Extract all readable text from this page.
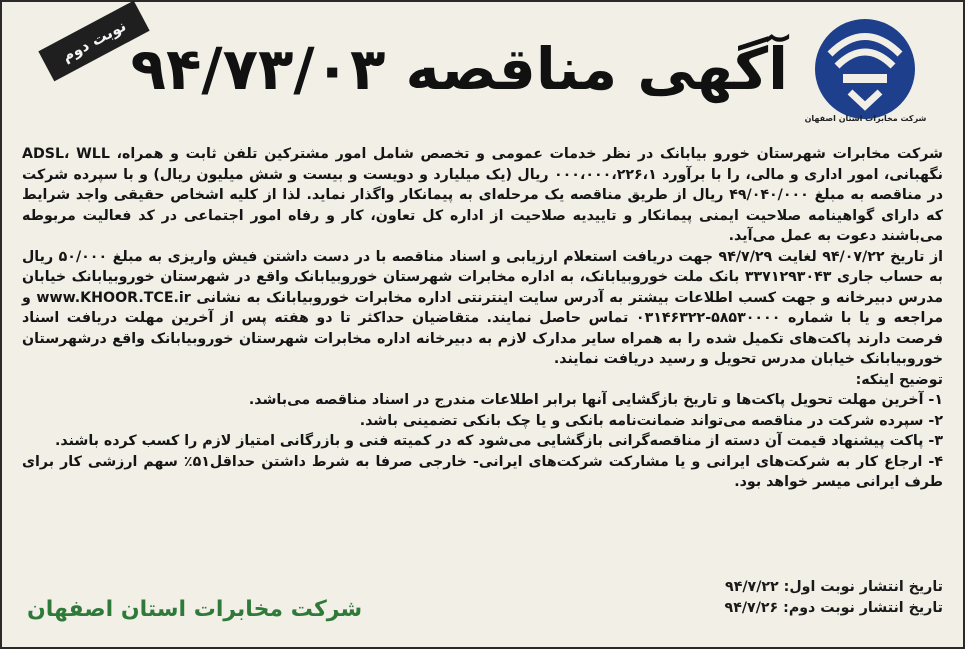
شرکت مخابرات استان اصفهان
آگهی مناقصه ۹۴/۷۳/۰۳
نوبت دوم

شرکت مخابرات شهرستان خورو بیابانک در نظر خدمات عمومی و تخصص شامل امور مشترکین تلفن ثابت و همراه، ADSL، WLL نگهبانی، امور اداری و مالی، را با برآورد ۰۰۰،۰۰۰،۲۲۶،۱ ریال (یک میلیارد و دویست و بیست و شش میلیون ریال) و با سپرده شرکت در مناقصه به مبلغ ۴۹/۰۴۰/۰۰۰ ریال از طریق مناقصه یک مرحله‌ای به پیمانکار واگذار نماید. لذا از کلیه اشخاص حقیقی واجد شرایط که دارای گواهینامه صلاحیت ایمنی پیمانکار و تاییدیه صلاحیت از اداره کل تعاون، کار و رفاه امور اجتماعی در کد فعالیت مربوطه می‌باشند دعوت به عمل می‌آید.

از تاریخ ۹۴/۰۷/۲۲ لغایت ۹۴/۷/۲۹ جهت دریافت استعلام ارزیابی و اسناد مناقصه با در دست داشتن فیش واریزی به مبلغ ۵۰/۰۰۰ ریال به حساب جاری ۳۳۷۱۲۹۳۰۴۳ بانک ملت خوروبیابانک، به اداره مخابرات شهرستان خوروبیابانک واقع در شهرستان خوروبیابانک خیابان مدرس دبیرخانه و جهت کسب اطلاعات بیشتر به آدرس سایت اینترنتی اداره مخابرات خوروبیابانک به نشانی www.KHOOR.TCE.ir و مراجعه و یا با شماره ۵۸۵۳۰۰۰۰-۰۳۱۴۶۳۲۲ تماس حاصل نمایند. متقاضیان حداکثر تا دو هفته پس از آخرین مهلت دریافت اسناد فرصت دارند پاکت‌های تکمیل شده را به همراه سایر مدارک لازم به دبیرخانه اداره مخابرات شهرستان خوروبیابانک واقع درشهرستان خوروبیابانک خیابان مدرس تحویل و رسید دریافت نمایند.

توضیح اینکه:

۱- آخرین مهلت تحویل پاکت‌ها و تاریخ بازگشایی آنها برابر اطلاعات مندرج در اسناد مناقصه می‌باشد.
۲- سپرده شرکت در مناقصه می‌تواند ضمانت‌نامه بانکی و یا چک بانکی تضمینی باشد.
۳- پاکت پیشنهاد قیمت آن دسته از مناقصه‌گرانی بازگشایی می‌شود که در کمیته فنی و بازرگانی امتیاز لازم را کسب کرده باشند.
۴- ارجاع کار به شرکت‌های ایرانی و یا مشارکت شرکت‌های ایرانی- خارجی صرفا به شرط داشتن حداقل۵۱٪ سهم ارزشی کار برای طرف ایرانی میسر خواهد بود.
تاریخ انتشار نوبت اول: ۹۴/۷/۲۲
تاریخ انتشار نوبت دوم: ۹۴/۷/۲۶
شرکت مخابرات استان اصفهان
